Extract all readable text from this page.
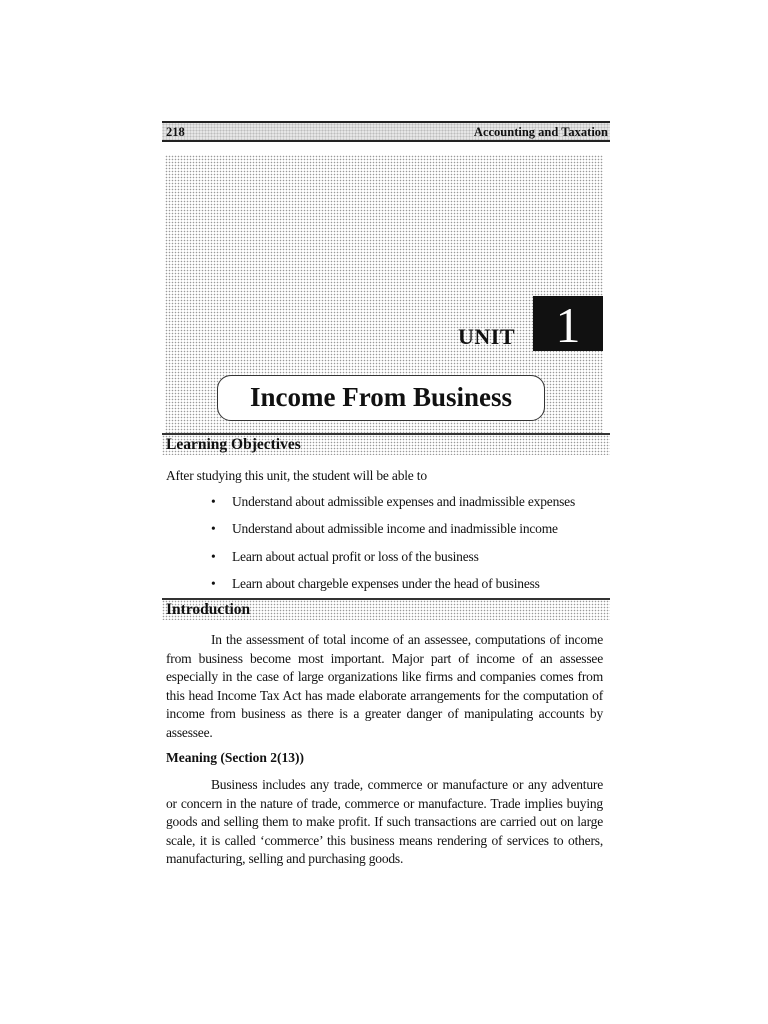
218	Accounting and Taxation
UNIT 1
Income From Business
Learning Objectives
After studying this unit, the student will be able to
• Understand about admissible expenses and inadmissible expenses
• Understand about admissible income and inadmissible income
• Learn about actual profit or loss of the business
• Learn about chargeble expenses under the head of business
Introduction

In the assessment of total income of an assessee, computations of income from business become most important. Major part of income of an assessee especially in the case of large organizations like firms and companies comes from this head Income Tax Act has made elaborate arrangements for the computation of income from business as there is a greater danger of manipulating accounts by assessee.

Meaning (Section 2(13))

Business includes any trade, commerce or manufacture or any adventure or concern in the nature of trade, commerce or manufacture. Trade implies buying goods and selling them to make profit. If such transactions are carried out on large scale, it is called ‘commerce’ this business means rendering of services to others, manufacturing, selling and purchasing goods.
